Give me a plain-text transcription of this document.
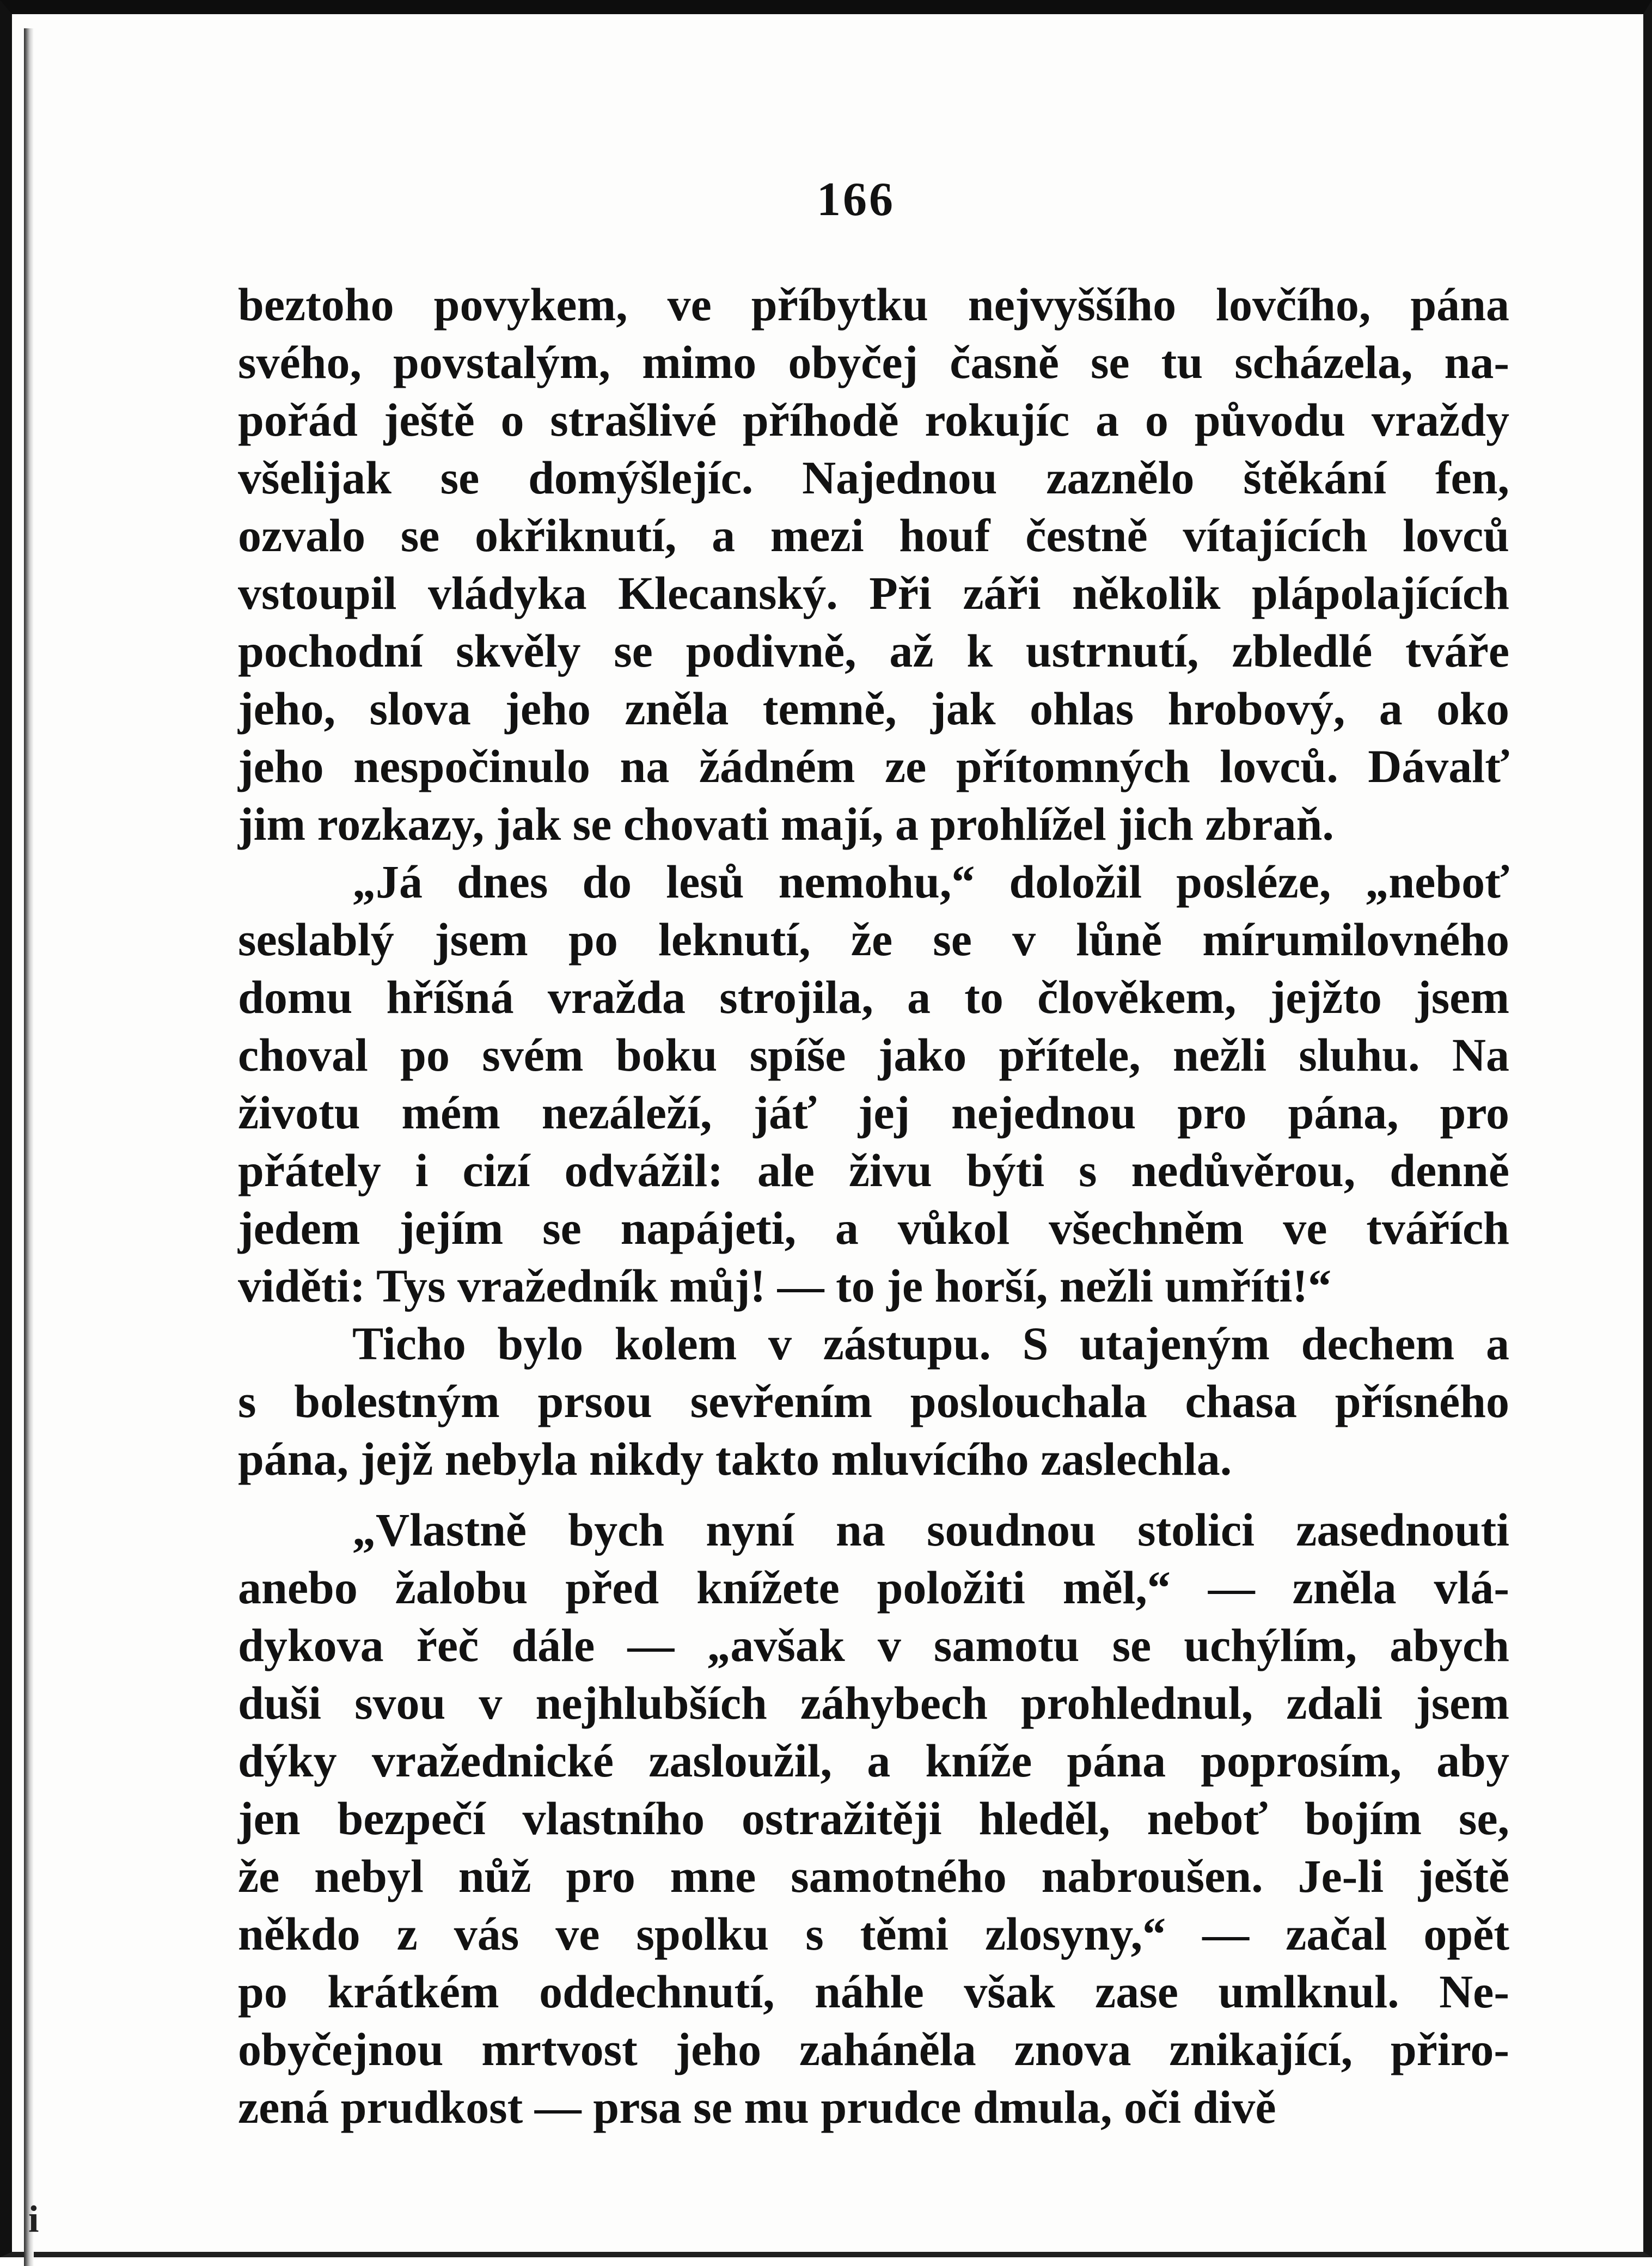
166
beztoho povykem, ve příbytku nejvyššího lovčího, pána
svého, povstalým, mimo obyčej časně se tu scházela, na-
pořád ještě o strašlivé příhodě rokujíc a o původu vraždy
všelijak se domýšlejíc. Najednou zaznělo štěkání fen,
ozvalo se okřiknutí, a mezi houf čestně vítajících lovců
vstoupil vládyka Klecanský. Při záři několik plápolajících
pochodní skvěly se podivně, až k ustrnutí, zbledlé tváře
jeho, slova jeho zněla temně, jak ohlas hrobový, a oko
jeho nespočinulo na žádném ze přítomných lovců. Dávalť
jim rozkazy, jak se chovati mají, a prohlížel jich zbraň.
„Já dnes do lesů nemohu,“ doložil posléze, „neboť
seslablý jsem po leknutí, že se v lůně mírumilovného
domu hříšná vražda strojila, a to člověkem, jejžto jsem
choval po svém boku spíše jako přítele, nežli sluhu. Na
životu mém nezáleží, jáť jej nejednou pro pána, pro
přátely i cizí odvážil: ale živu býti s nedůvěrou, denně
jedem jejím se napájeti, a vůkol všechněm ve tvářích
viděti: Tys vražedník můj! — to je horší, nežli umříti!“
Ticho bylo kolem v zástupu. S utajeným dechem a
s bolestným prsou sevřením poslouchala chasa přísného
pána, jejž nebyla nikdy takto mluvícího zaslechla.
„Vlastně bych nyní na soudnou stolici zasednouti
anebo žalobu před knížete položiti měl,“ — zněla vlá-
dykova řeč dále — „avšak v samotu se uchýlím, abych
duši svou v nejhlubších záhybech prohlednul, zdali jsem
dýky vražednické zasloužil, a kníže pána poprosím, aby
jen bezpečí vlastního ostražitěji hleděl, neboť bojím se,
že nebyl nůž pro mne samotného nabroušen. Je-li ještě
někdo z vás ve spolku s těmi zlosyny,“ — začal opět
po krátkém oddechnutí, náhle však zase umlknul. Ne-
obyčejnou mrtvost jeho zaháněla znova znikající, přiro-
zená prudkost — prsa se mu prudce dmula, oči divě
i
